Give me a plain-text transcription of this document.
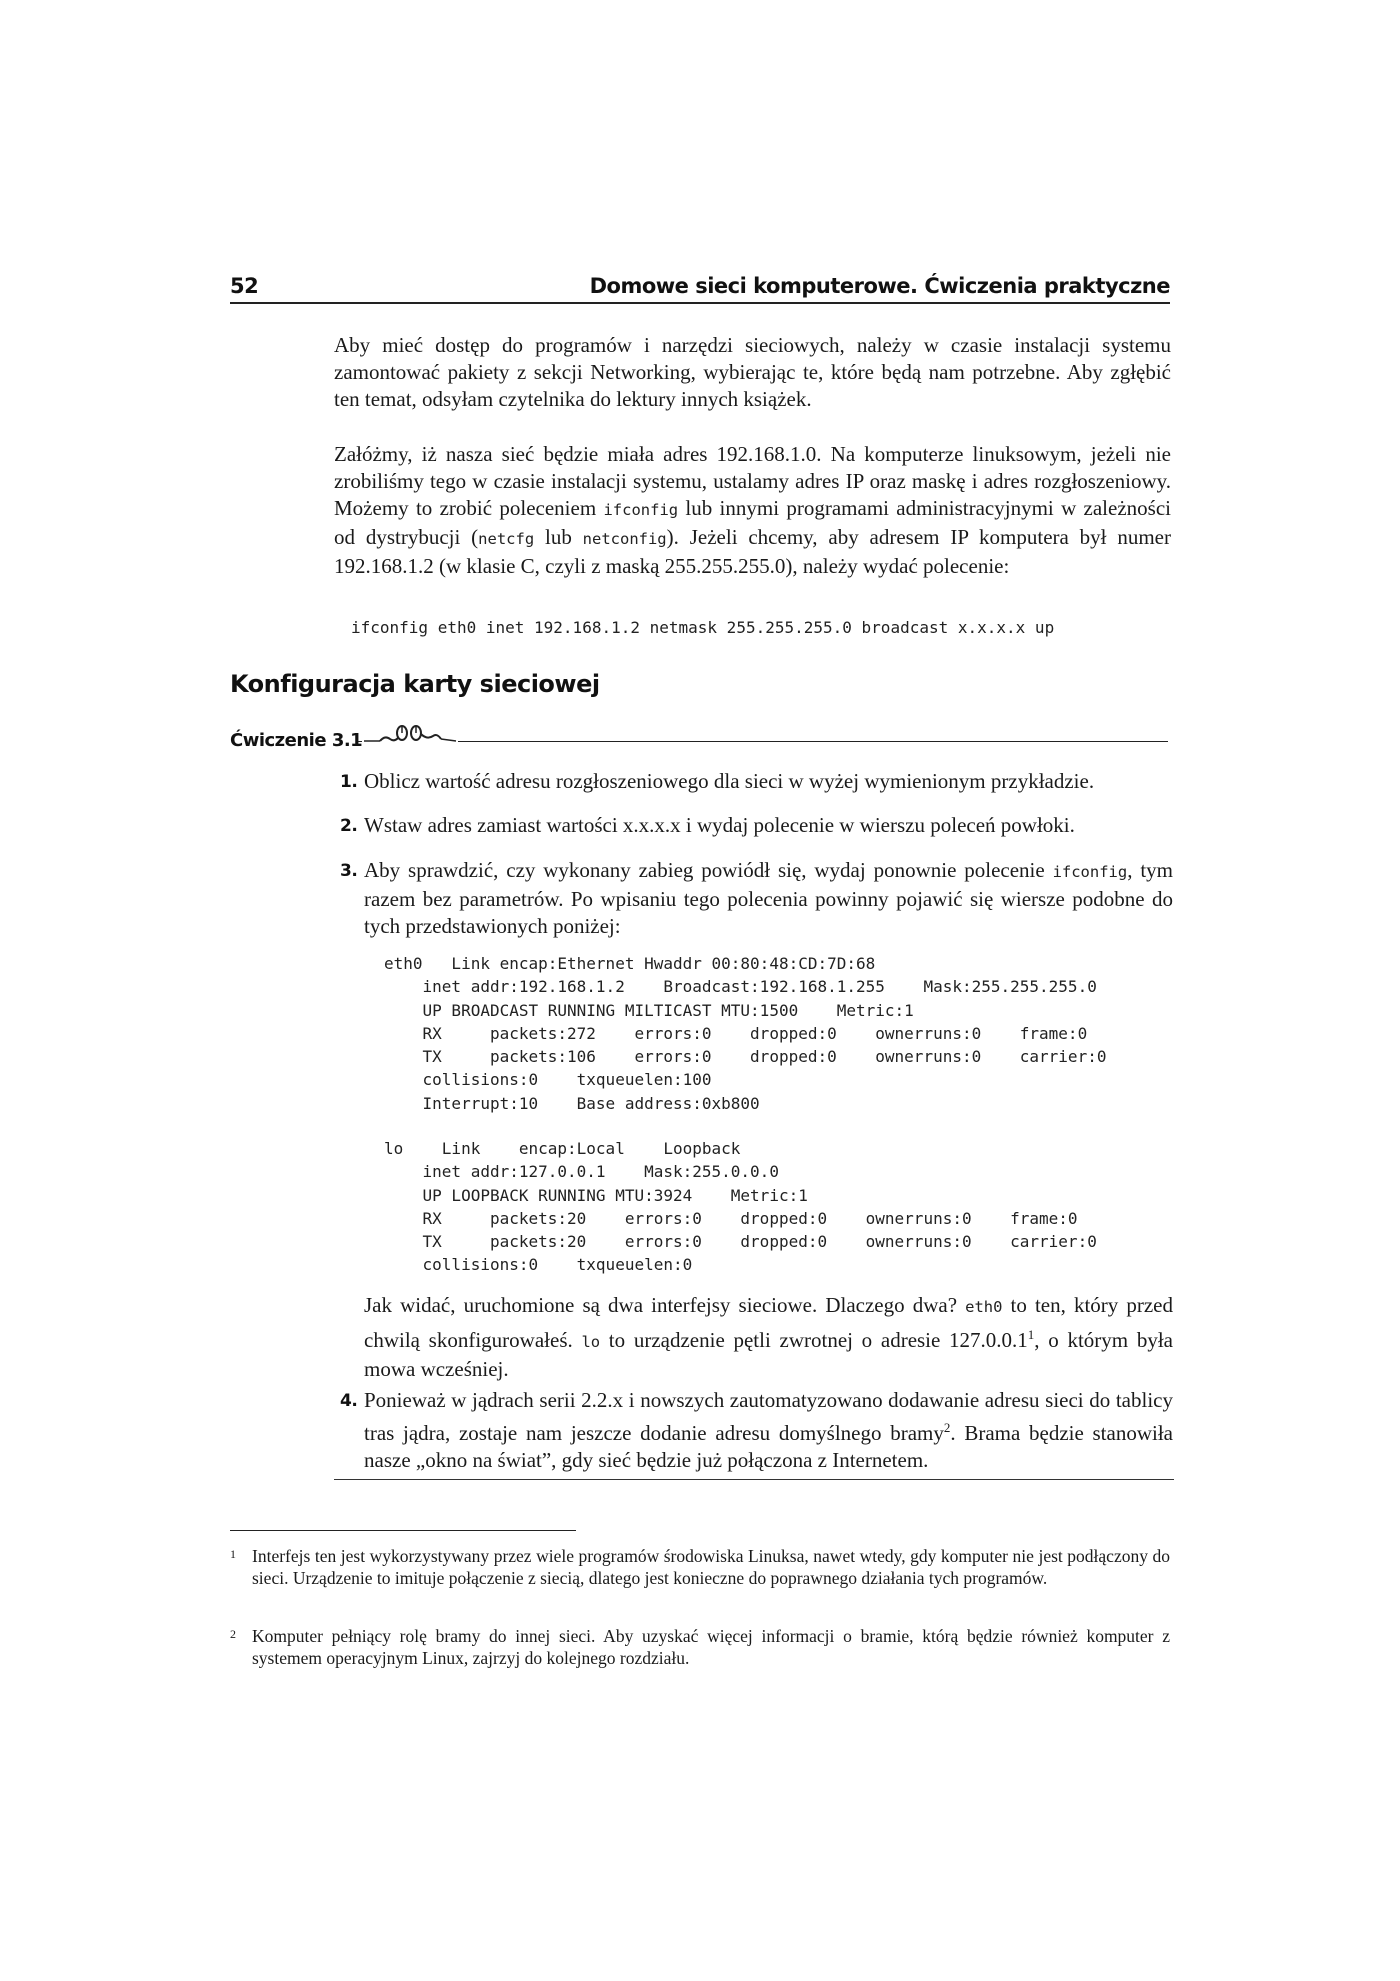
52	Domowe sieci komputerowe. Ćwiczenia praktyczne
Aby mieć dostęp do programów i narzędzi sieciowych, należy w czasie instalacji systemu zamontować pakiety z sekcji Networking, wybierając te, które będą nam potrzebne. Aby zgłębić ten temat, odsyłam czytelnika do lektury innych książek.
Załóżmy, iż nasza sieć będzie miała adres 192.168.1.0. Na komputerze linuksowym, jeżeli nie zrobiliśmy tego w czasie instalacji systemu, ustalamy adres IP oraz maskę i adres rozgłoszeniowy. Możemy to zrobić poleceniem ifconfig lub innymi programami administracyjnymi w zależności od dystrybucji (netcfg lub netconfig). Jeżeli chcemy, aby adresem IP komputera był numer 192.168.1.2 (w klasie C, czyli z maską 255.255.255.0), należy wydać polecenie:
ifconfig eth0 inet 192.168.1.2 netmask 255.255.255.0 broadcast x.x.x.x up
Konfiguracja karty sieciowej
Ćwiczenie 3.1
1. Oblicz wartość adresu rozgłoszeniowego dla sieci w wyżej wymienionym przykładzie.
2. Wstaw adres zamiast wartości x.x.x.x i wydaj polecenie w wierszu poleceń powłoki.
3. Aby sprawdzić, czy wykonany zabieg powiódł się, wydaj ponownie polecenie ifconfig, tym razem bez parametrów. Po wpisaniu tego polecenia powinny pojawić się wiersze podobne do tych przedstawionych poniżej:
eth0   Link encap:Ethernet Hwaddr 00:80:48:CD:7D:68
inet addr:192.168.1.2    Broadcast:192.168.1.255    Mask:255.255.255.0
UP BROADCAST RUNNING MILTICAST MTU:1500    Metric:1
RX     packets:272    errors:0    dropped:0    ownerruns:0    frame:0
TX     packets:106    errors:0    dropped:0    ownerruns:0    carrier:0
collisions:0    txqueuelen:100
Interrupt:10    Base address:0xb800
lo    Link    encap:Local    Loopback
inet addr:127.0.0.1    Mask:255.0.0.0
UP LOOPBACK RUNNING MTU:3924    Metric:1
RX     packets:20    errors:0    dropped:0    ownerruns:0    frame:0
TX     packets:20    errors:0    dropped:0    ownerruns:0    carrier:0
collisions:0    txqueuelen:0
Jak widać, uruchomione są dwa interfejsy sieciowe. Dlaczego dwa? eth0 to ten, który przed chwilą skonfigurowałeś. lo to urządzenie pętli zwrotnej o adresie 127.0.0.1$^1$, o którym była mowa wcześniej.
4. Ponieważ w jądrach serii 2.2.x i nowszych zautomatyzowano dodawanie adresu sieci do tablicy tras jądra, zostaje nam jeszcze dodanie adresu domyślnego bramy$^2$. Brama będzie stanowiła nasze „okno na świat”, gdy sieć będzie już połączona z Internetem.
1 Interfejs ten jest wykorzystywany przez wiele programów środowiska Linuksa, nawet wtedy, gdy komputer nie jest podłączony do sieci. Urządzenie to imituje połączenie z siecią, dlatego jest konieczne do poprawnego działania tych programów.
2 Komputer pełniący rolę bramy do innej sieci. Aby uzyskać więcej informacji o bramie, którą będzie również komputer z systemem operacyjnym Linux, zajrzyj do kolejnego rozdziału.
